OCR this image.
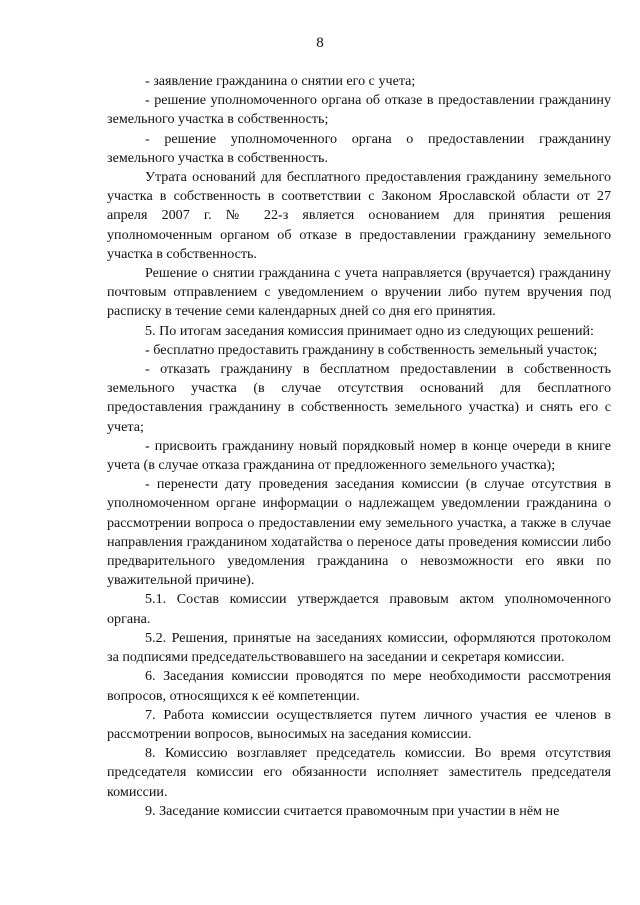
8

- заявление гражданина о снятии его с учета;

- решение уполномоченного органа об отказе в предоставлении гражданину земельного участка в собственность;

- решение уполномоченного органа о предоставлении гражданину земельного участка в собственность.

Утрата оснований для бесплатного предоставления гражданину земельного участка в собственность в соответствии с Законом Ярославской области от 27 апреля 2007 г. № 22-з является основанием для принятия решения уполномоченным органом об отказе в предоставлении гражданину земельного участка в собственность.

Решение о снятии гражданина с учета направляется (вручается) гражданину почтовым отправлением с уведомлением о вручении либо путем вручения под расписку в течение семи календарных дней со дня его принятия.

5. По итогам заседания комиссия принимает одно из следующих решений:

- бесплатно предоставить гражданину в собственность земельный участок;

- отказать гражданину в бесплатном предоставлении в собственность земельного участка (в случае отсутствия оснований для бесплатного предоставления гражданину в собственность земельного участка) и снять его с учета;

- присвоить гражданину новый порядковый номер в конце очереди в книге учета (в случае отказа гражданина от предложенного земельного участка);

- перенести дату проведения заседания комиссии (в случае отсутствия в уполномоченном органе информации о надлежащем уведомлении гражданина о рассмотрении вопроса о предоставлении ему земельного участка, а также в случае направления гражданином ходатайства о переносе даты проведения комиссии либо предварительного уведомления гражданина о невозможности его явки по уважительной причине).

5.1. Состав комиссии утверждается правовым актом уполномоченного органа.

5.2. Решения, принятые на заседаниях комиссии, оформляются протоколом за подписями председательствовавшего на заседании и секретаря комиссии.

6. Заседания комиссии проводятся по мере необходимости рассмотрения вопросов, относящихся к её компетенции.

7. Работа комиссии осуществляется путем личного участия ее членов в рассмотрении вопросов, выносимых на заседания комиссии.

8. Комиссию возглавляет председатель комиссии. Во время отсутствия председателя комиссии его обязанности исполняет заместитель председателя комиссии.

9. Заседание комиссии считается правомочным при участии в нём не
